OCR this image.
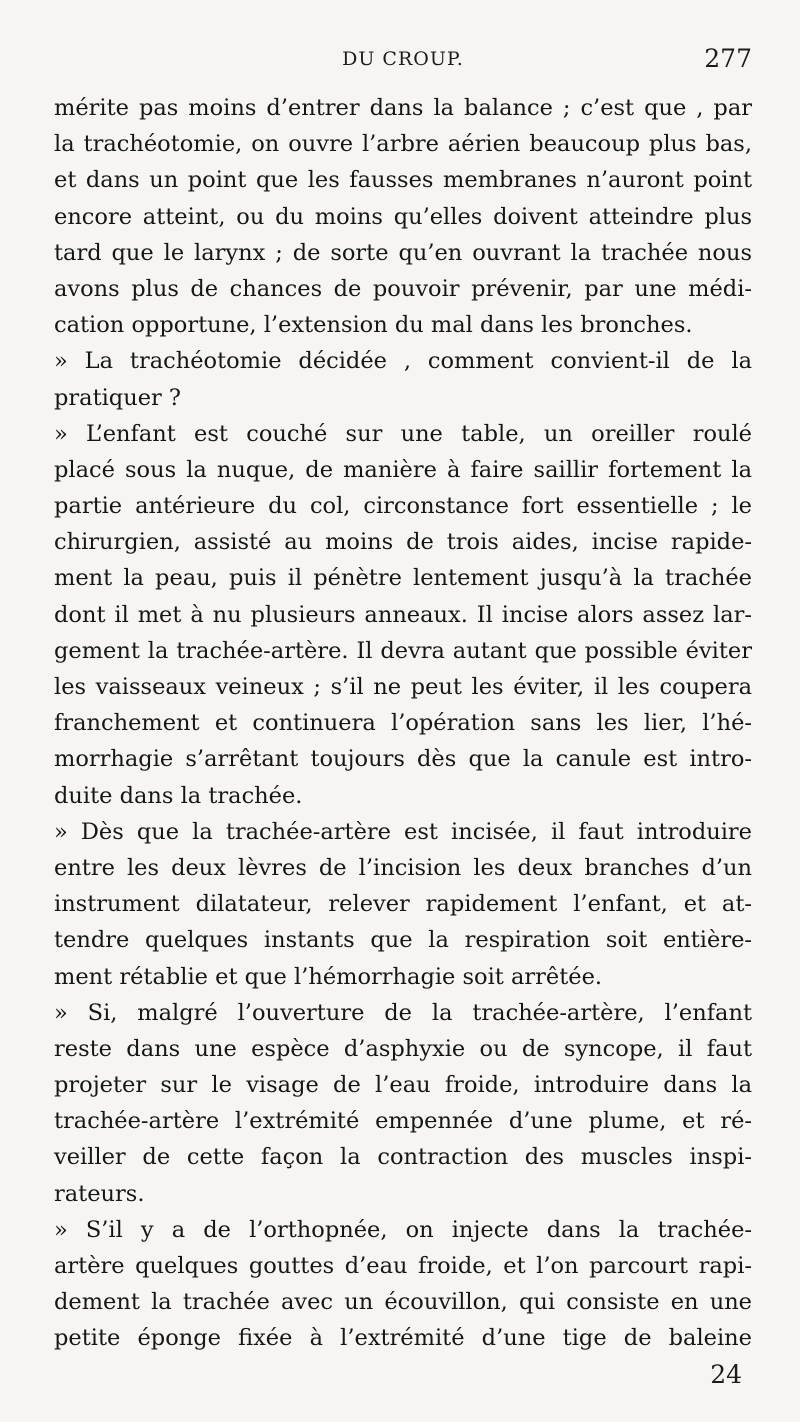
DU CROUP.	277
mérite pas moins d’entrer dans la balance ; c’est que , par
la trachéotomie, on ouvre l’arbre aérien beaucoup plus bas,
et dans un point que les fausses membranes n’auront point
encore atteint, ou du moins qu’elles doivent atteindre plus
tard que le larynx ; de sorte qu’en ouvrant la trachée nous
avons plus de chances de pouvoir prévenir, par une médi-
cation opportune, l’extension du mal dans les bronches.
» La trachéotomie décidée , comment convient-il de la
pratiquer ?
» L’enfant est couché sur une table, un oreiller roulé
placé sous la nuque, de manière à faire saillir fortement la
partie antérieure du col, circonstance fort essentielle ; le
chirurgien, assisté au moins de trois aides, incise rapide-
ment la peau, puis il pénètre lentement jusqu’à la trachée
dont il met à nu plusieurs anneaux. Il incise alors assez lar-
gement la trachée-artère. Il devra autant que possible éviter
les vaisseaux veineux ; s’il ne peut les éviter, il les coupera
franchement et continuera l’opération sans les lier, l’hé-
morrhagie s’arrêtant toujours dès que la canule est intro-
duite dans la trachée.
» Dès que la trachée-artère est incisée, il faut introduire
entre les deux lèvres de l’incision les deux branches d’un
instrument dilatateur, relever rapidement l’enfant, et at-
tendre quelques instants que la respiration soit entière-
ment rétablie et que l’hémorrhagie soit arrêtée.
» Si, malgré l’ouverture de la trachée-artère, l’enfant
reste dans une espèce d’asphyxie ou de syncope, il faut
projeter sur le visage de l’eau froide, introduire dans la
trachée-artère l’extrémité empennée d’une plume, et ré-
veiller de cette façon la contraction des muscles inspi-
rateurs.
» S’il y a de l’orthopnée, on injecte dans la trachée-
artère quelques gouttes d’eau froide, et l’on parcourt rapi-
dement la trachée avec un écouvillon, qui consiste en une
petite éponge fixée à l’extrémité d’une tige de baleine
24
